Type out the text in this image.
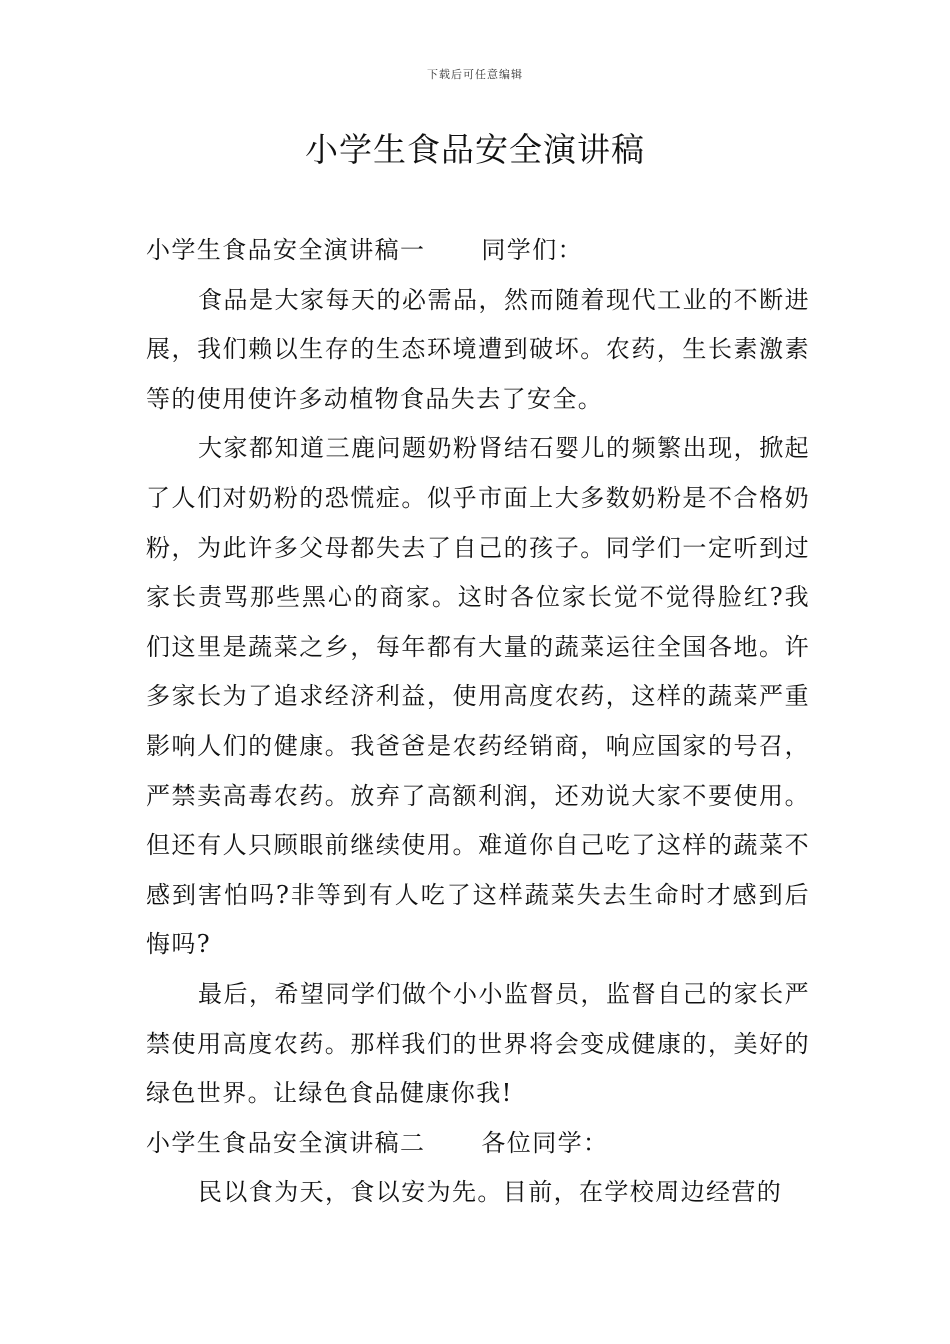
下载后可任意编辑
小学生食品安全演讲稿

小学生食品安全演讲稿一 同学们：

食品是大家每天的必需品，然而随着现代工业的不断进展，我们赖以生存的生态环境遭到破坏。农药，生长素激素等的使用使许多动植物食品失去了安全。

大家都知道三鹿问题奶粉肾结石婴儿的频繁出现，掀起了人们对奶粉的恐慌症。似乎市面上大多数奶粉是不合格奶粉，为此许多父母都失去了自己的孩子。同学们一定听到过家长责骂那些黑心的商家。这时各位家长觉不觉得脸红?我们这里是蔬菜之乡，每年都有大量的蔬菜运往全国各地。许多家长为了追求经济利益，使用高度农药，这样的蔬菜严重影响人们的健康。我爸爸是农药经销商，响应国家的号召，严禁卖高毒农药。放弃了高额利润，还劝说大家不要使用。但还有人只顾眼前继续使用。难道你自己吃了这样的蔬菜不感到害怕吗?非等到有人吃了这样蔬菜失去生命时才感到后悔吗?

最后，希望同学们做个小小监督员，监督自己的家长严禁使用高度农药。那样我们的世界将会变成健康的，美好的绿色世界。让绿色食品健康你我!

小学生食品安全演讲稿二 各位同学：

民以食为天，食以安为先。目前，在学校周边经营的
